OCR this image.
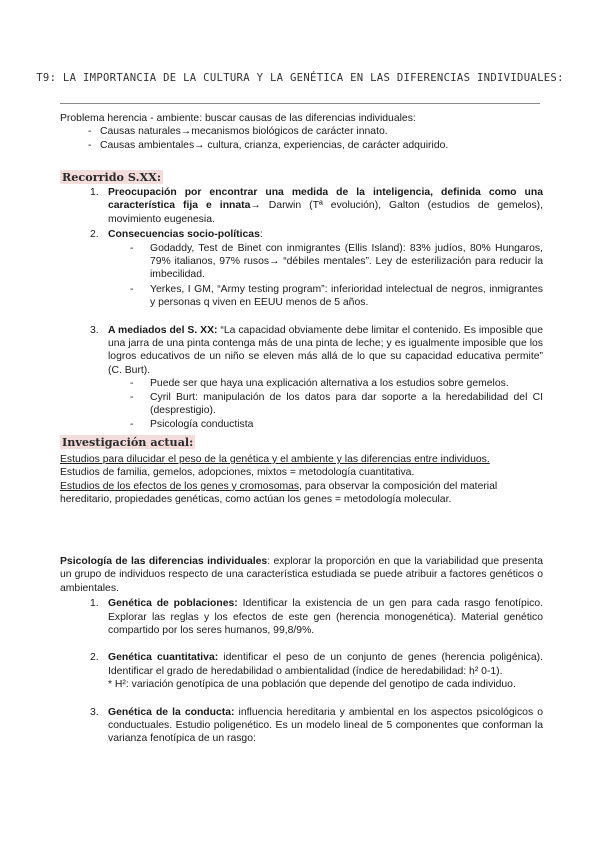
T9: LA IMPORTANCIA DE LA CULTURA Y LA GENÉTICA EN LAS DIFERENCIAS INDIVIDUALES:
Problema herencia - ambiente: buscar causas de las diferencias individuales:
- Causas naturales→mecanismos biológicos de carácter innato.
- Causas ambientales→ cultura, crianza, experiencias, de carácter adquirido.
Recorrido S.XX:
1. Preocupación por encontrar una medida de la inteligencia, definida como una característica fija e innata→ Darwin (Tª evolución), Galton (estudios de gemelos), movimiento eugenesia.
2. Consecuencias socio-políticas:
- Godaddy, Test de Binet con inmigrantes (Ellis Island): 83% judíos, 80% Hungaros, 79% italianos, 97% rusos→ “débiles mentales”. Ley de esterilización para reducir la imbecilidad.
- Yerkes, I GM, “Army testing program”: inferioridad intelectual de negros, inmigrantes y personas q viven en EEUU menos de 5 años.
3. A mediados del S. XX: “La capacidad obviamente debe limitar el contenido. Es imposible que una jarra de una pinta contenga más de una pinta de leche; y es igualmente imposible que los logros educativos de un niño se eleven más allá de lo que su capacidad educativa permite” (C. Burt).
- Puede ser que haya una explicación alternativa a los estudios sobre gemelos.
- Cyril Burt: manipulación de los datos para dar soporte a la heredabilidad del CI (desprestigio).
- Psicología conductista
Investigación actual:
Estudios para dilucidar el peso de la genética y el ambiente y las diferencias entre individuos.
Estudios de familia, gemelos, adopciones, mixtos = metodología cuantitativa.
Estudios de los efectos de los genes y cromosomas, para observar la composición del material hereditario, propiedades genéticas, como actúan los genes = metodología molecular.
Psicología de las diferencias individuales: explorar la proporción en que la variabilidad que presenta un grupo de individuos respecto de una característica estudiada se puede atribuir a factores genéticos o ambientales.
1. Genética de poblaciones: Identificar la existencia de un gen para cada rasgo fenotípico. Explorar las reglas y los efectos de este gen (herencia monogenética). Material genético compartido por los seres humanos, 99,8/9%.
2. Genética cuantitativa: identificar el peso de un conjunto de genes (herencia poligénica). Identificar el grado de heredabilidad o ambientalidad (índice de heredabilidad: h² 0-1).
* H²: variación genotípica de una población que depende del genotipo de cada individuo.
3. Genética de la conducta: influencia hereditaria y ambiental en los aspectos psicológicos o conductuales. Estudio poligenético. Es un modelo lineal de 5 componentes que conforman la varianza fenotípica de un rasgo:
